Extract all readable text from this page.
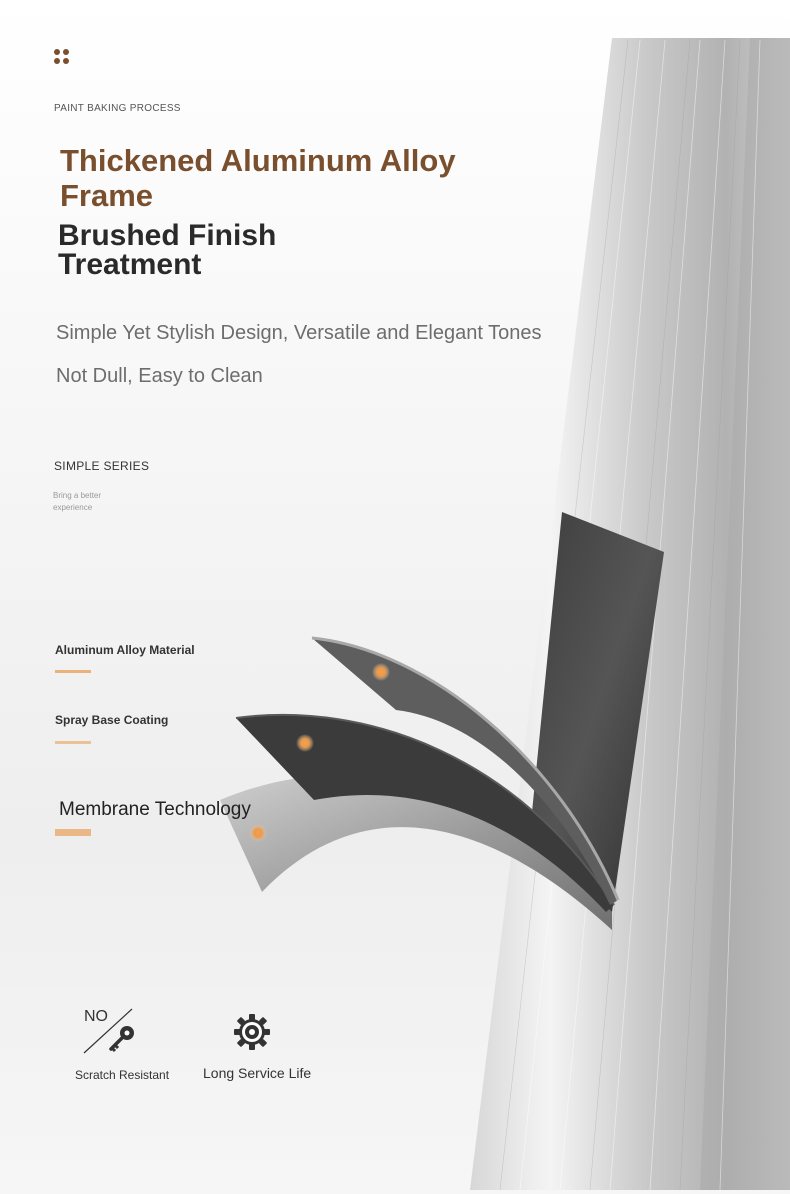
PAINT BAKING PROCESS
Thickened Aluminum Alloy Frame
Brushed Finish Treatment
Simple Yet Stylish Design, Versatile and Elegant Tones
Not Dull, Easy to Clean
SIMPLE SERIES
Bring a better experience
Aluminum Alloy Material
Spray Base Coating
Membrane Technology
NO
Scratch Resistant Long Service Life
